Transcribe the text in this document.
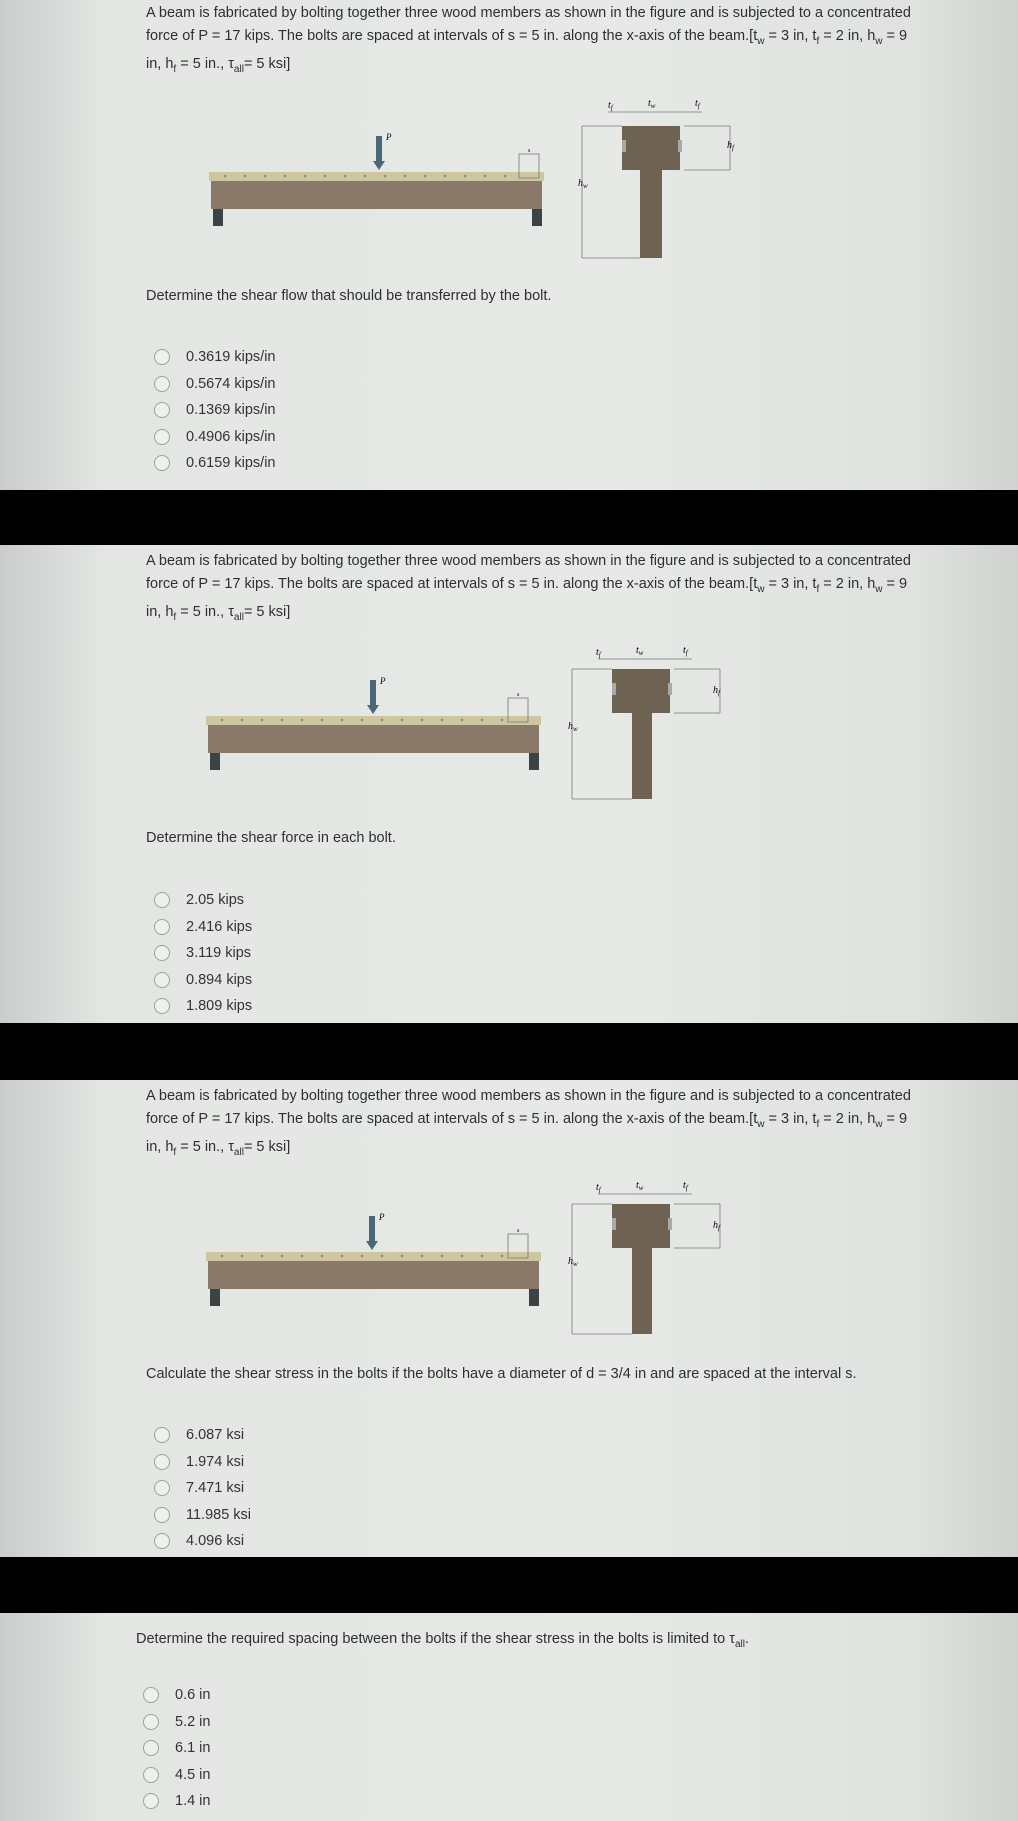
A beam is fabricated by bolting together three wood members as shown in the figure and is subjected to a concentrated
force of P = 17 kips. The bolts are spaced at intervals of s = 5 in. along the x-axis of the $beam.[t_w = 3$ in, $t_f = 2$ in, $h_w = 9$
in, $h_f = 5$ in., $\tau_{all}= 5$ ksi]
P
s
$t_f$	$t_w$	$t_f$
$h_f$
$h_w$
Determine the shear flow that should be transferred by the bolt.
0.3619 kips/in
0.5674 kips/in
0.1369 kips/in
0.4906 kips/in
0.6159 kips/in
A beam is fabricated by bolting together three wood members as shown in the figure and is subjected to a concentrated
force of P = 17 kips. The bolts are spaced at intervals of s = 5 in. along the x-axis of the $beam.[t_w = 3$ in, $t_f = 2$ in, $h_w = 9$
in, $h_f = 5$ in., $\tau_{all}= 5$ ksi]
P
s
$t_f$	$t_w$	$t_f$
$h_f$
$h_w$
Determine the shear force in each bolt.
2.05 kips
2.416 kips
3.119 kips
0.894 kips
1.809 kips
A beam is fabricated by bolting together three wood members as shown in the figure and is subjected to a concentrated
force of P = 17 kips. The bolts are spaced at intervals of s = 5 in. along the x-axis of the $beam.[t_w = 3$ in, $t_f = 2$ in, $h_w = 9$
in, $h_f = 5$ in., $\tau_{all}= 5$ ksi]
P
s
$t_f$	$t_w$	$t_f$
$h_f$
$h_w$
Calculate the shear stress in the bolts if the bolts have a diameter of d = 3/4 in and are spaced at the interval s.
6.087 ksi
1.974 ksi
7.471 ksi
11.985 ksi
4.096 ksi
Determine the required spacing between the bolts if the shear stress in the bolts is limited to $\tau_{all}$.
0.6 in
5.2 in
6.1 in
4.5 in
1.4 in
